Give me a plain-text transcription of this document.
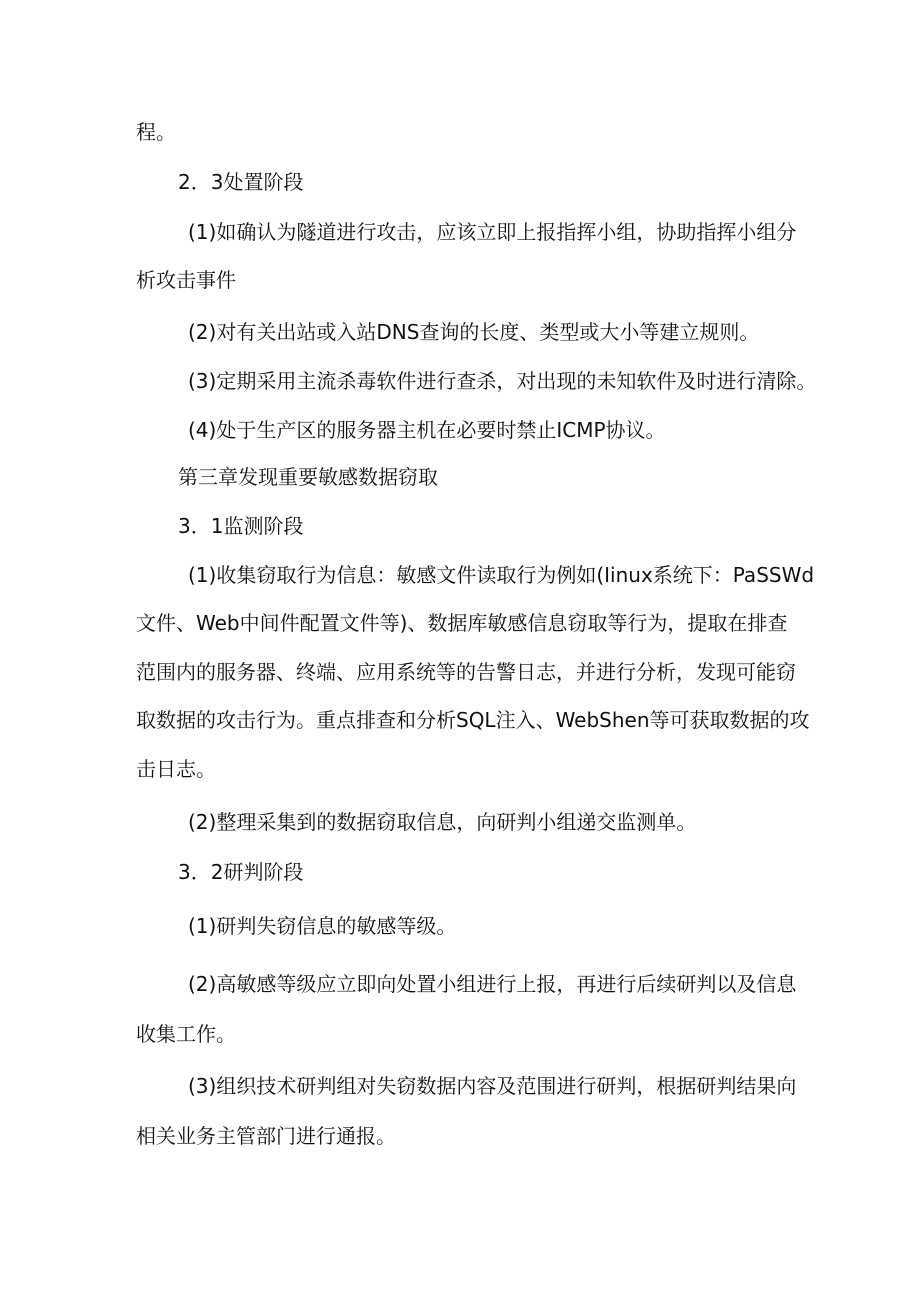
程。
2．3处置阶段
(1)如确认为隧道进行攻击，应该立即上报指挥小组，协助指挥小组分
析攻击事件
(2)对有关出站或入站DNS查询的长度、类型或大小等建立规则。
(3)定期采用主流杀毒软件进行查杀，对出现的未知软件及时进行清除。
(4)处于生产区的服务器主机在必要时禁止ICMP协议。
第三章发现重要敏感数据窃取
3．1监测阶段
(1)收集窃取行为信息：敏感文件读取行为例如(Iinux系统下：PaSSWd
文件、Web中间件配置文件等)、数据库敏感信息窃取等行为，提取在排查
范围内的服务器、终端、应用系统等的告警日志，并进行分析，发现可能窃
取数据的攻击行为。重点排查和分析SQL注入、WebShen等可获取数据的攻
击日志。
(2)整理采集到的数据窃取信息，向研判小组递交监测单。
3．2研判阶段
(1)研判失窃信息的敏感等级。
(2)高敏感等级应立即向处置小组进行上报，再进行后续研判以及信息
收集工作。
(3)组织技术研判组对失窃数据内容及范围进行研判，根据研判结果向
相关业务主管部门进行通报。
